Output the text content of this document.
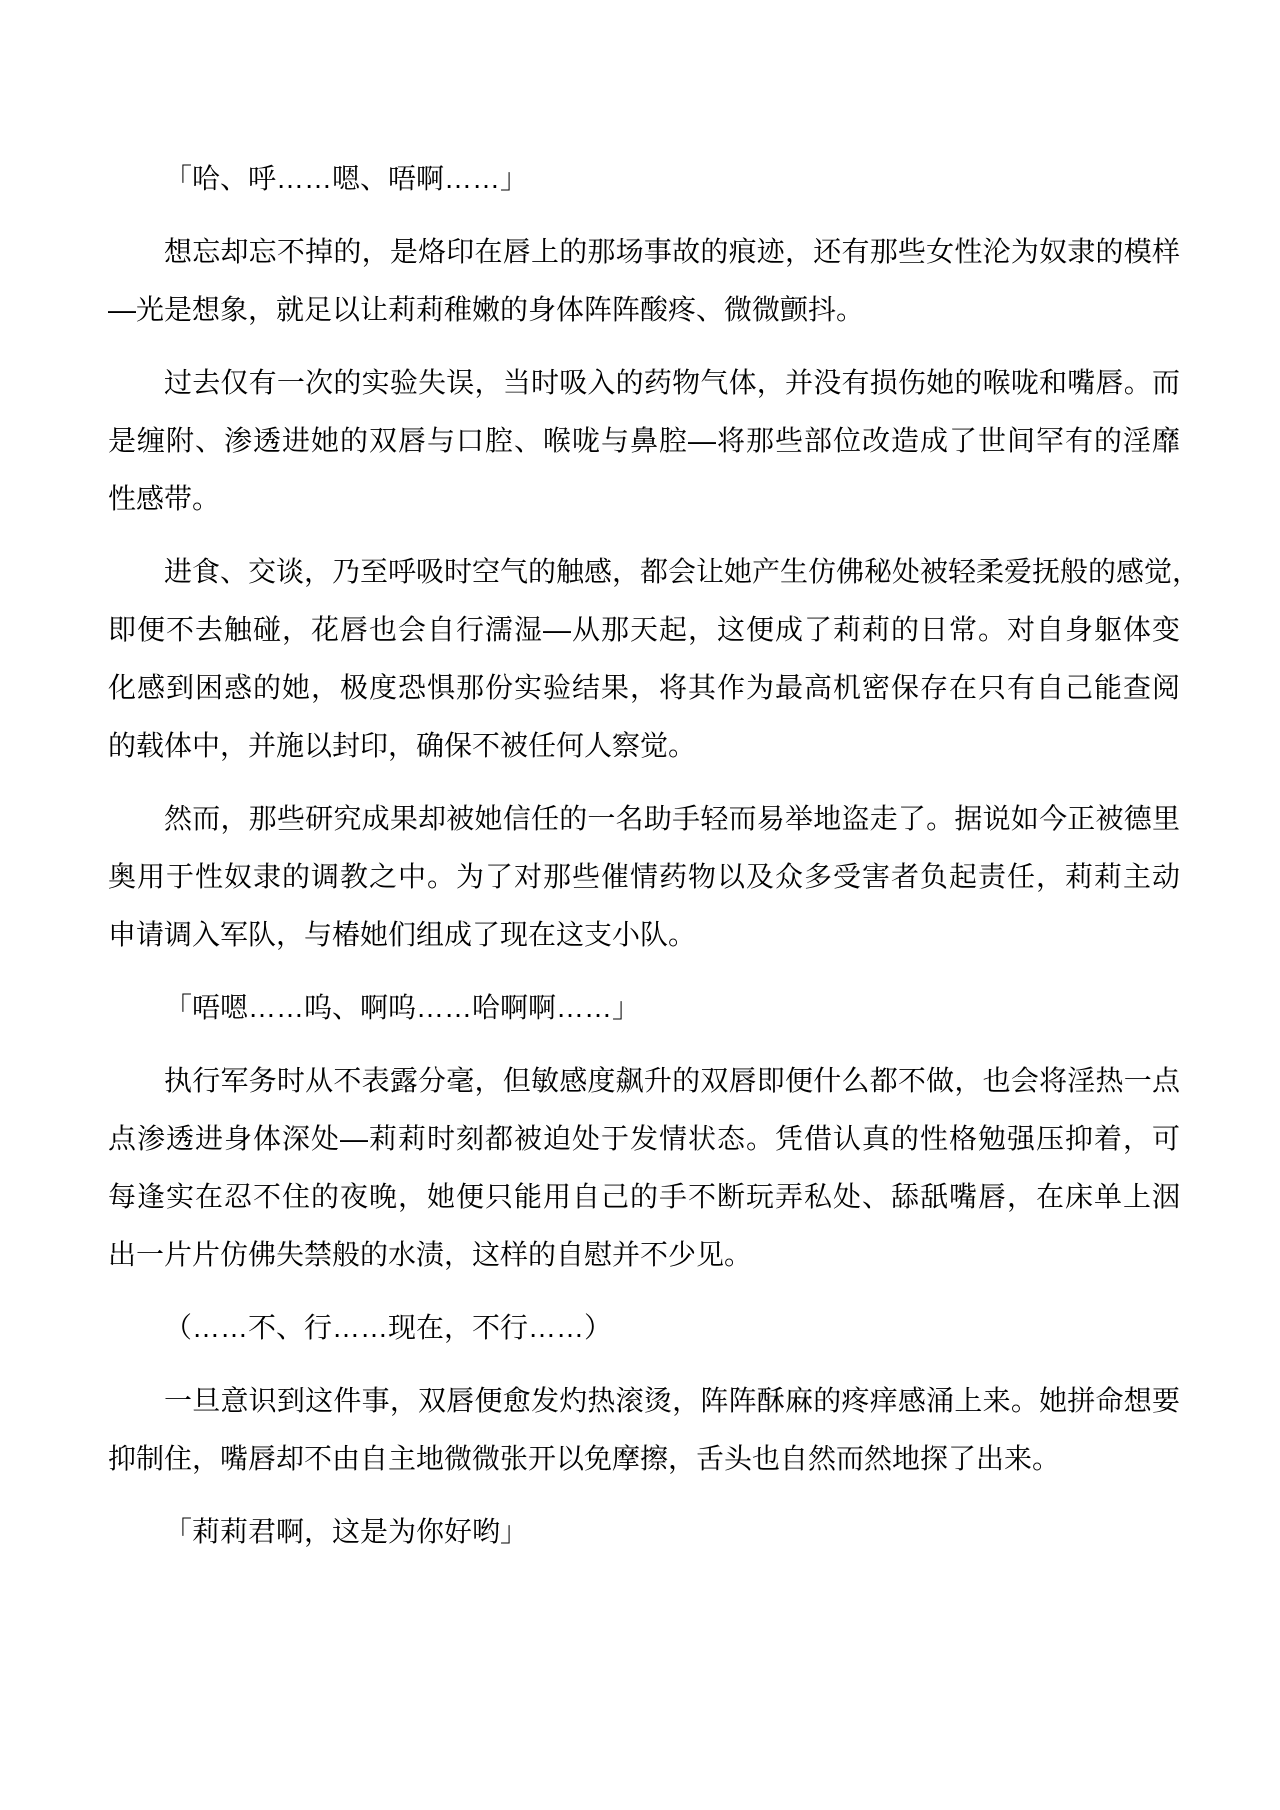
「哈、呼……嗯、唔啊……」
想忘却忘不掉的，是烙印在唇上的那场事故的痕迹，还有那些女性沦为奴隶的模样
—光是想象，就足以让莉莉稚嫩的身体阵阵酸疼、微微颤抖。
过去仅有一次的实验失误，当时吸入的药物气体，并没有损伤她的喉咙和嘴唇。而
是缠附、渗透进她的双唇与口腔、喉咙与鼻腔—将那些部位改造成了世间罕有的淫靡
性感带。
进食、交谈，乃至呼吸时空气的触感，都会让她产生仿佛秘处被轻柔爱抚般的感觉，
即便不去触碰，花唇也会自行濡湿—从那天起，这便成了莉莉的日常。对自身躯体变
化感到困惑的她，极度恐惧那份实验结果，将其作为最高机密保存在只有自己能查阅
的载体中，并施以封印，确保不被任何人察觉。
然而，那些研究成果却被她信任的一名助手轻而易举地盗走了。据说如今正被德里
奥用于性奴隶的调教之中。为了对那些催情药物以及众多受害者负起责任，莉莉主动
申请调入军队，与椿她们组成了现在这支小队。
「唔嗯……呜、啊呜……哈啊啊……」
执行军务时从不表露分毫，但敏感度飙升的双唇即便什么都不做，也会将淫热一点
点渗透进身体深处—莉莉时刻都被迫处于发情状态。凭借认真的性格勉强压抑着，可
每逢实在忍不住的夜晚，她便只能用自己的手不断玩弄私处、舔舐嘴唇，在床单上洇
出一片片仿佛失禁般的水渍，这样的自慰并不少见。
（……不、行……现在，不行……）
一旦意识到这件事，双唇便愈发灼热滚烫，阵阵酥麻的疼痒感涌上来。她拼命想要
抑制住，嘴唇却不由自主地微微张开以免摩擦，舌头也自然而然地探了出来。
「莉莉君啊，这是为你好哟」
